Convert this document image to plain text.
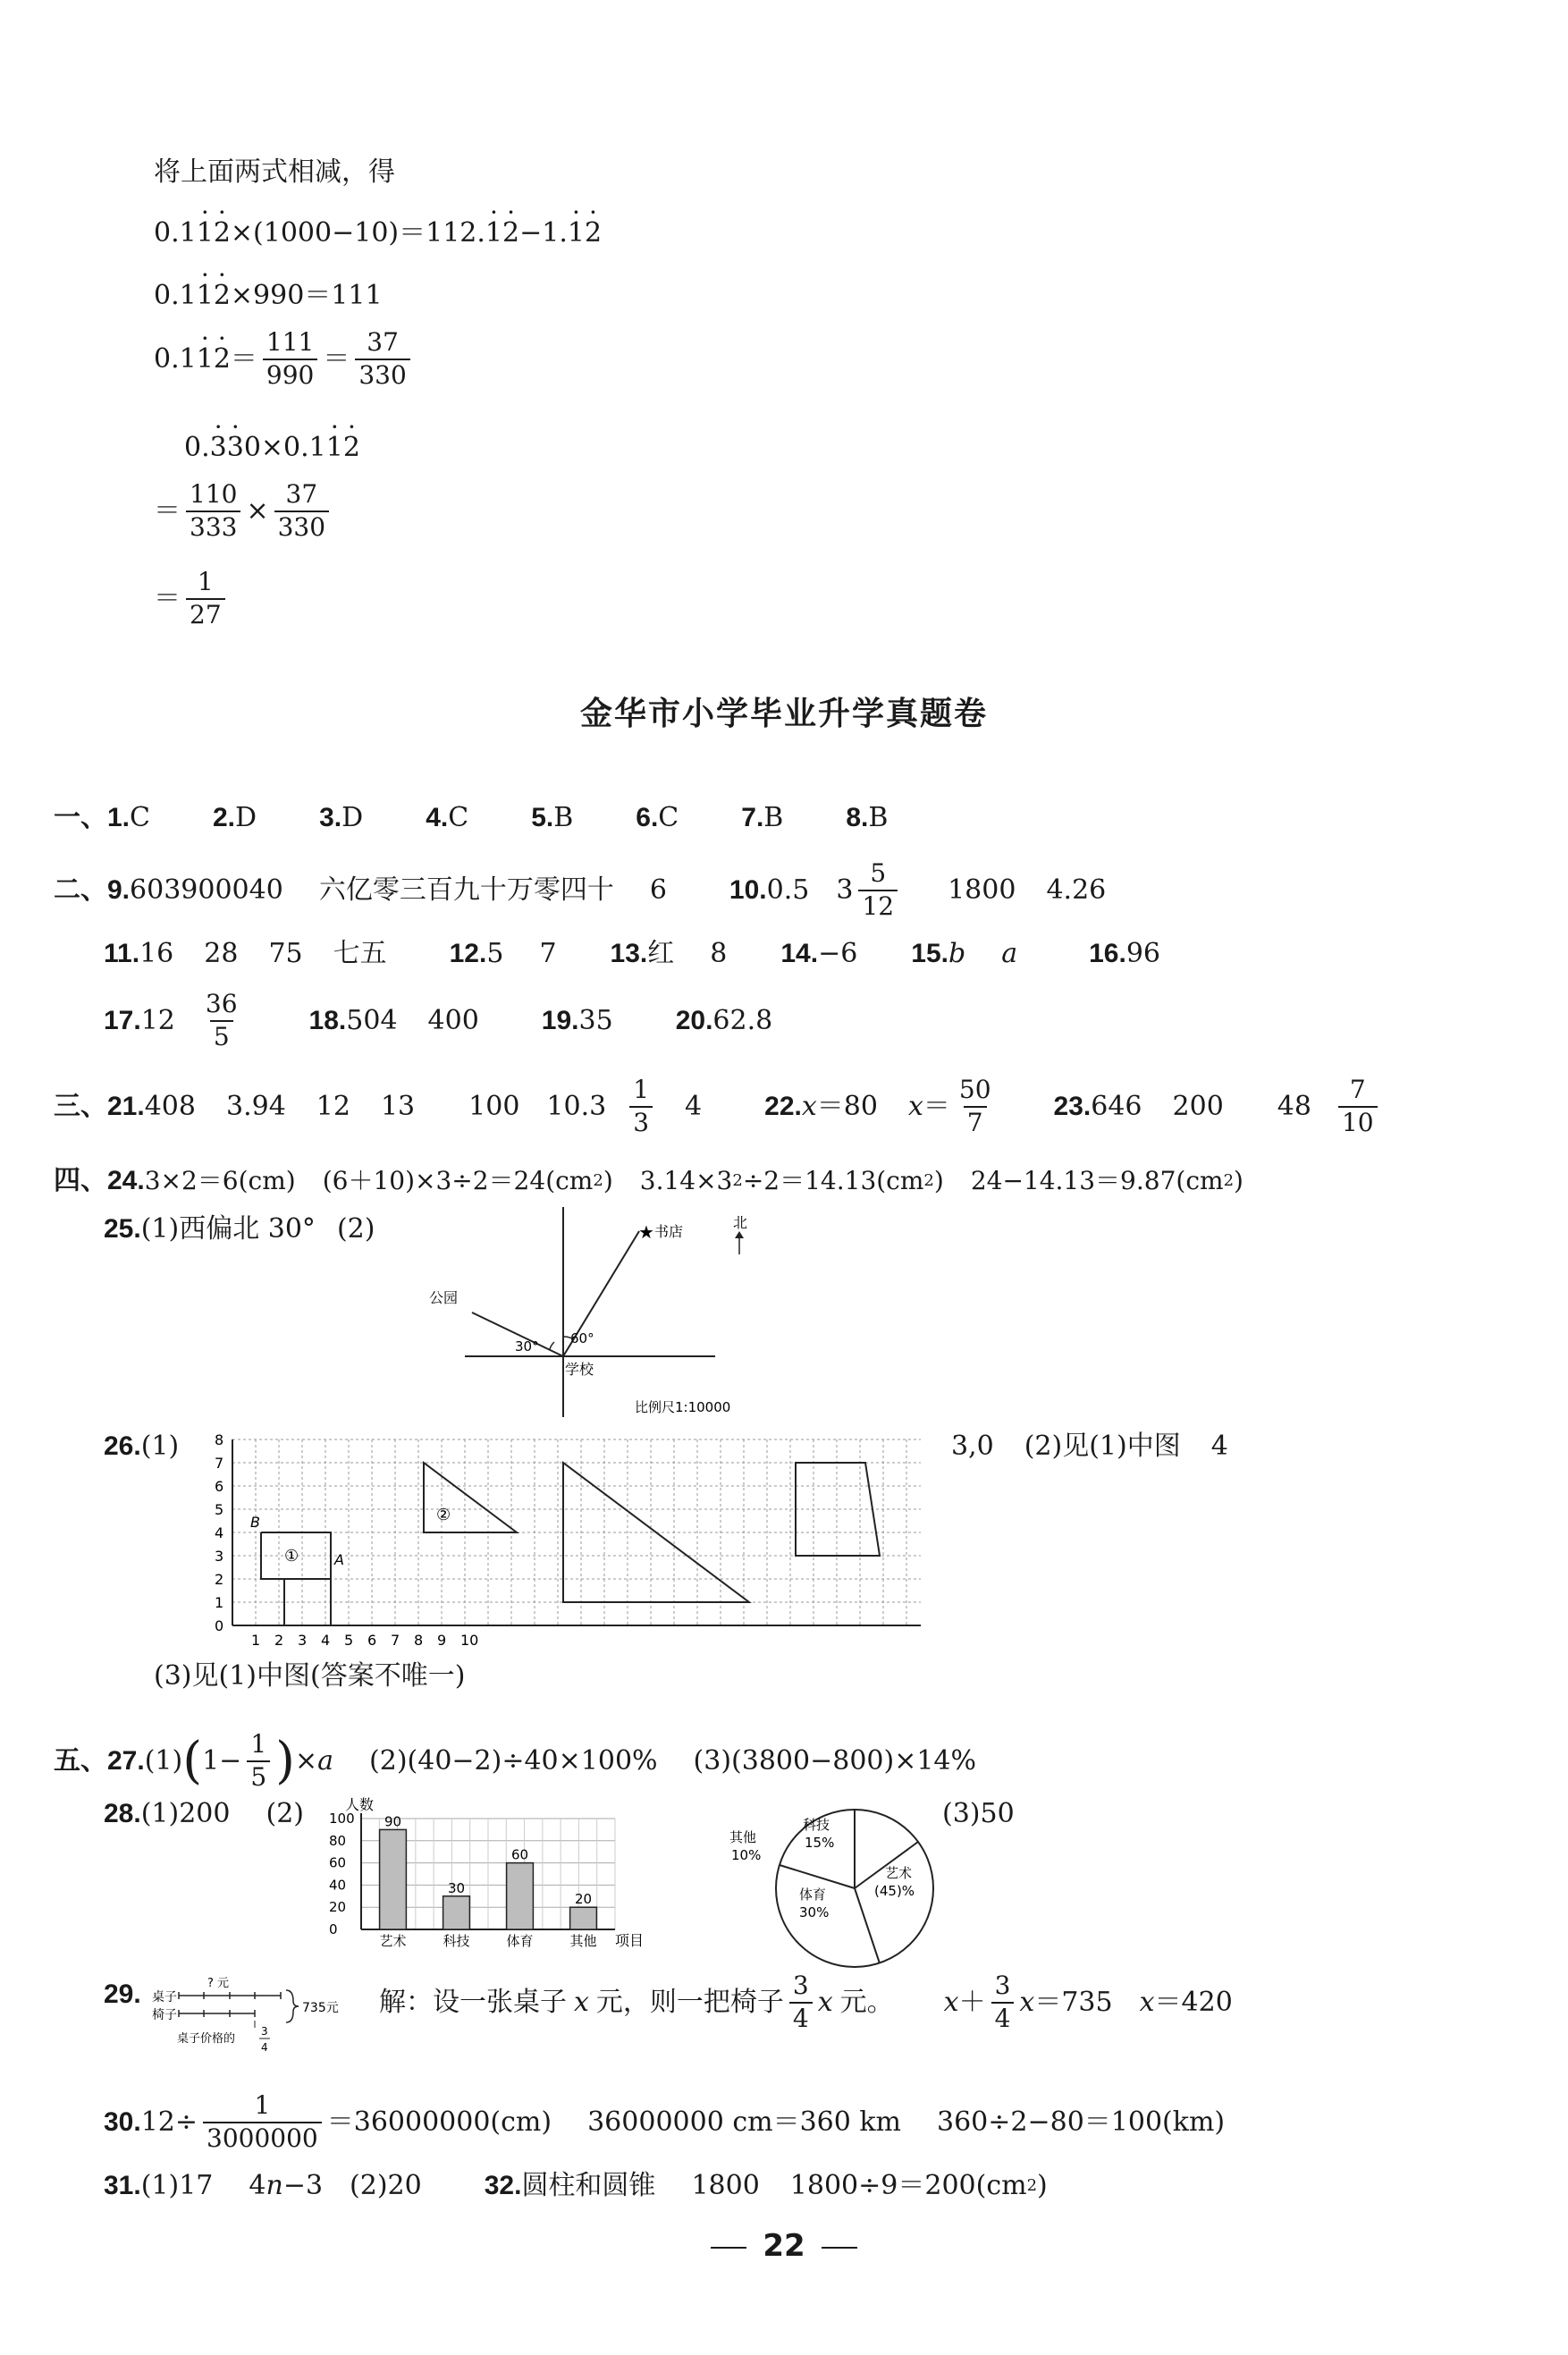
将上面两式相减，得
0.1
· 1
· 2 ×(1000−10)＝112.
· 1
· 2 −1.
· 1
· 2
0.1
· 1
· 2 ×990＝111
0.1
· 1
· $2 = \frac{111}{990} = \frac{37}{330}$
0.
· 3
· 3 0×0.1
· 1
· 2
＝ $\frac{110}{333} \times \frac{37}{330}$
＝ $\frac{1}{27}$
金华市小学毕业升学真题卷
一、 1. C 2. D 3. D 4. C 5. B 6. C 7. B 8. B
二、 9. 603900040 六亿零三百九十万零四十 6 10. 0.5 $3 \frac{5}{12} 1800$ 4.26
11. 16 28 75 七五 12. 5 7 13. 红 8 14. −6 15. b a	16. 96
17. $12 \frac{36}{5}$	18. 504 400 19. 35 20. 62.8
三、 21. 408 3.94 12 13 100 $10.3 \frac{1}{3} 4$ 22. x ＝80 $x = \frac{50}{7} 23$. 646 200 $48 \frac{7}{10}$
四、 24. 3×2＝6(cm) (6＋10)×3÷2＝24(cm 2 ) 3.14×3 2 ÷2＝14.13(cm 2 ) 24−14.13＝9.87(cm 2 )
25. (1)西偏北 30° (2)	★ 书店
公园
学校
30° 60°
北
比例尺1:10000
26. (1)	3,0 (2)见(1)中图 4
0
1
2
3
4
5
6
7
8
1 2 3 4 5 6 7 8 9 10
B
A
①
②
(3)见(1)中图(答案不唯一)
五、 27. (1) ( $1- \frac{1}{5}$ ) × a (2)(40−2)÷40×100% (3)(3800−800)×14%
28. (1)200 (2)	(3)50
人数
0
20
40
60
80
100 90
艺术
30
科技
60
体育
20
其他 项目
科技
15%
艺术
(45)%
体育
30%
其他
10%
29.	? 元
桌子
椅子	735元
桌子价格的
3
4
解：设一张桌子 x 元，则一把椅子 $\frac{3}{4}$ x 元。 $x + \frac{3}{4}$ x ＝735 x ＝420
30. $12\div \frac{1}{3000000} =36000000(cm)$ 36000000 cm＝360 km 360÷2−80＝100(km)
31. (1)17 4 n −3 (2)20 32. 圆柱和圆锥 1800 1800÷9＝200(cm 2 )
22
